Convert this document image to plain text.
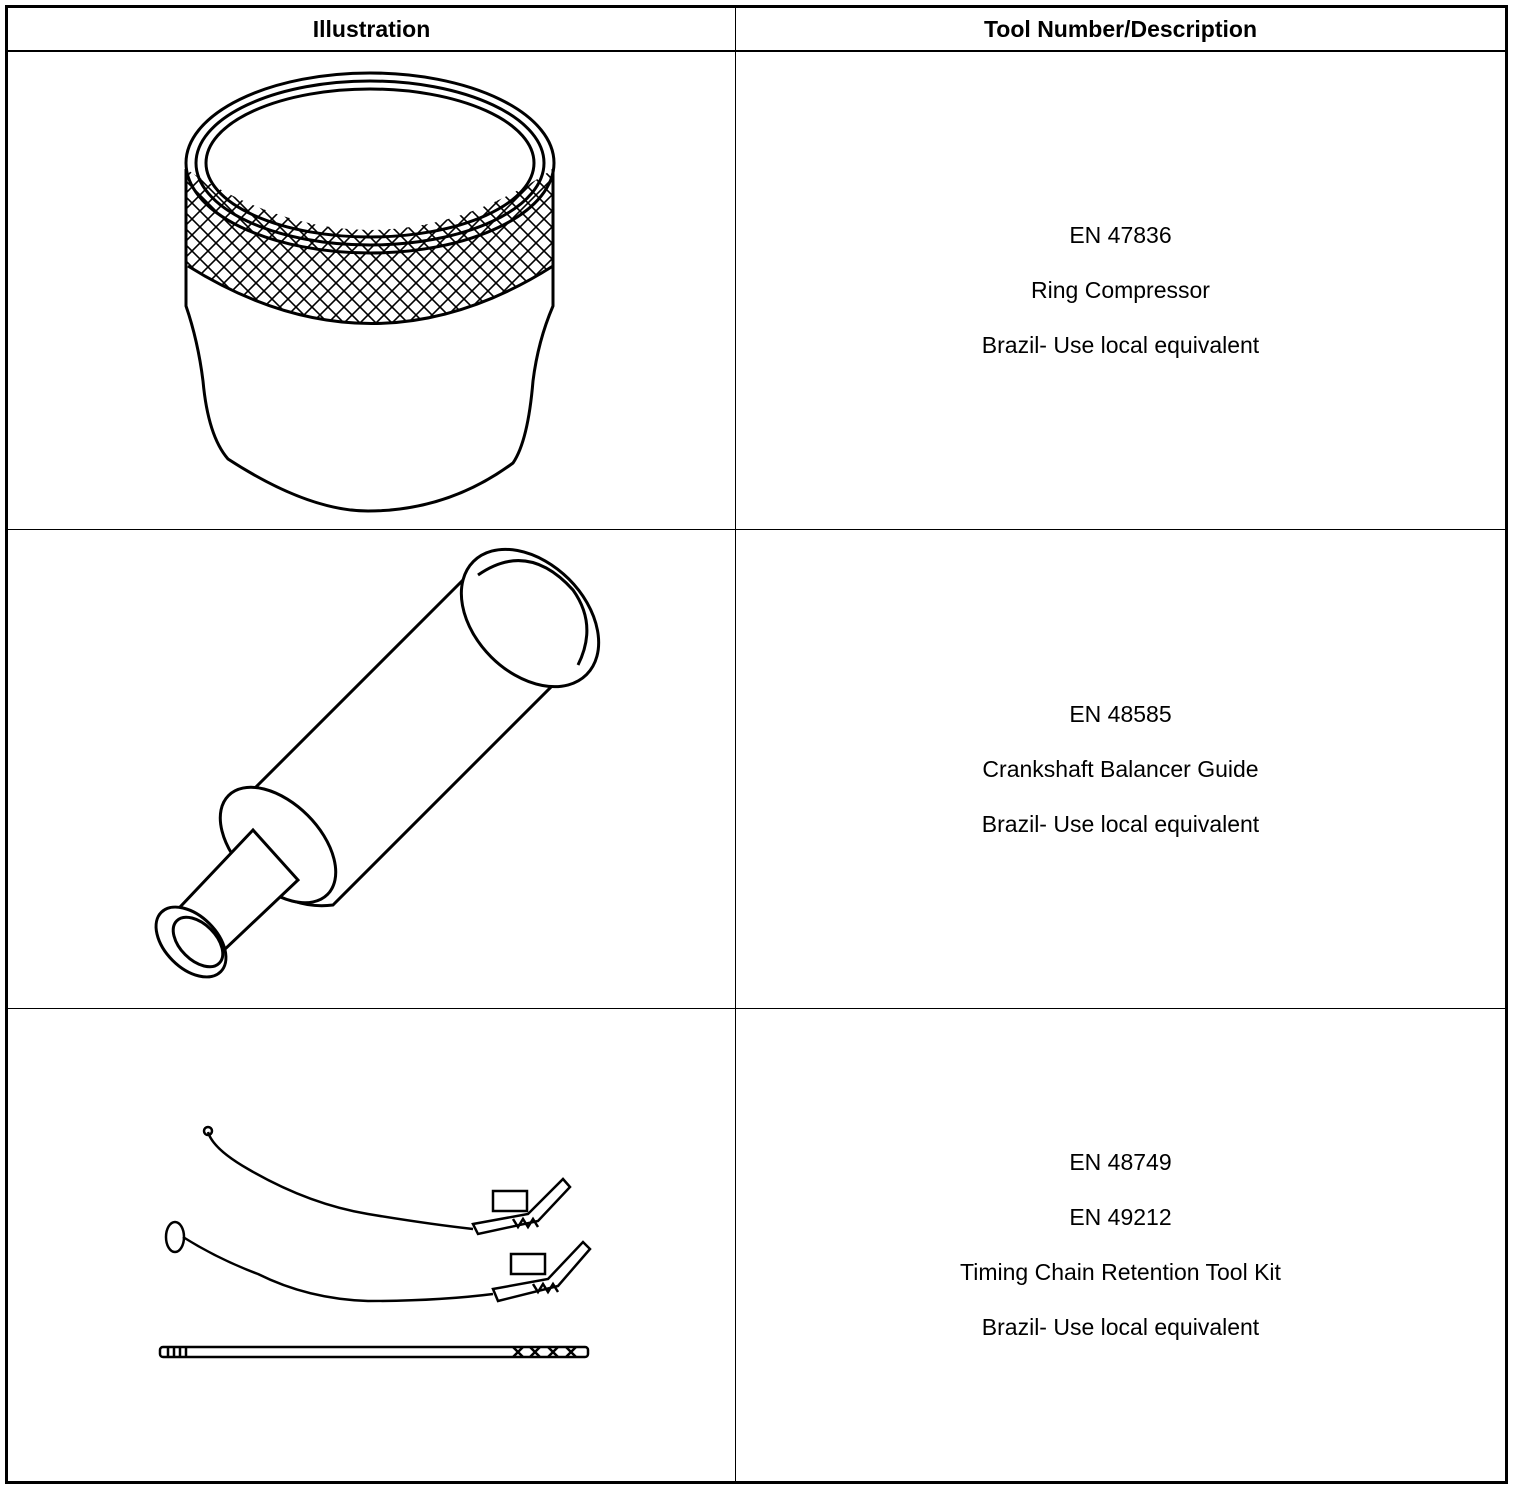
Illustration	Tool Number/Description
EN 47836
Ring Compressor
Brazil- Use local equivalent
EN 48585
Crankshaft Balancer Guide
Brazil- Use local equivalent
EN 48749
EN 49212
Timing Chain Retention Tool Kit
Brazil- Use local equivalent
